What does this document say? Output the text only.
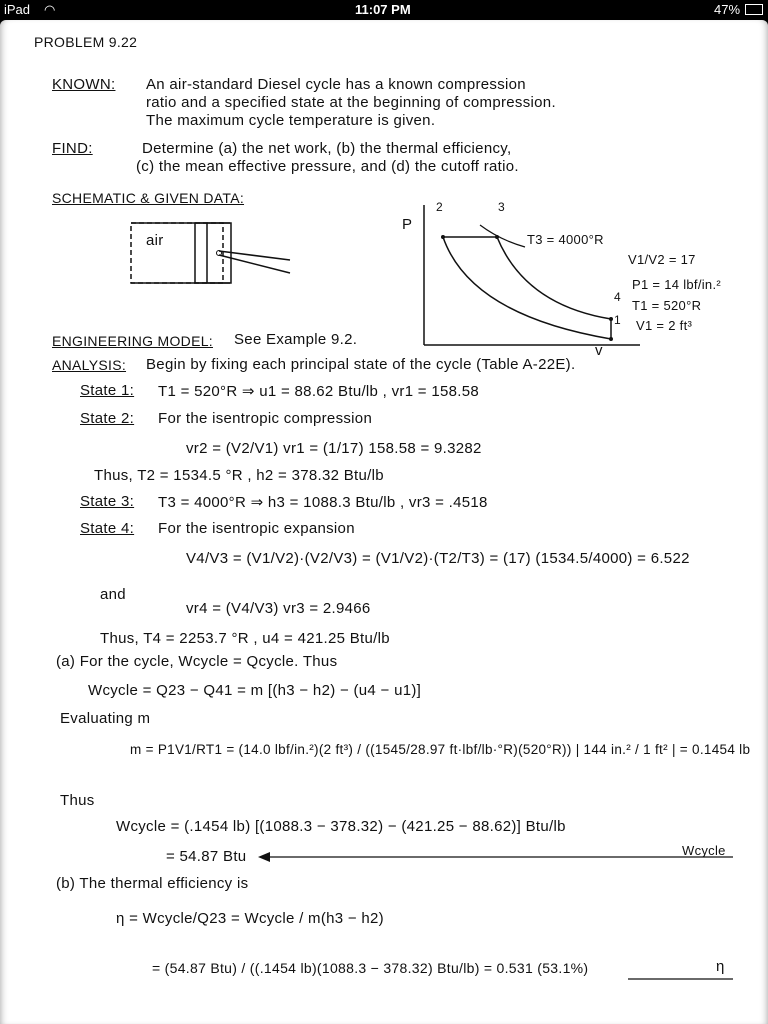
iPad ◠	11:07 PM	47%
PROBLEM 9.22
KNOWN: An air-standard Diesel cycle has a known compression
ratio and a specified state at the beginning of compression.
The maximum cycle temperature is given.
FIND:	Determine (a) the net work, (b) the thermal efficiency,
(c) the mean effective pressure, and (d) the cutoff ratio.
SCHEMATIC & GIVEN DATA:
air
P
v
1
2	3
4
T3 = 4000°R
V1/V2 = 17
P1 = 14 lbf/in.²
T1 = 520°R
V1 = 2 ft³
ENGINEERING MODEL: See Example 9.2.
ANALYSIS: Begin by fixing each principal state of the cycle (Table A-22E).
State 1: T1 = 520°R ⇒ u1 = 88.62 Btu/lb , vr1 = 158.58
State 2: For the isentropic compression
vr2 = (V2/V1) vr1 = (1/17) 158.58 = 9.3282
Thus, T2 = 1534.5 °R , h2 = 378.32 Btu/lb
State 3: T3 = 4000°R ⇒ h3 = 1088.3 Btu/lb , vr3 = .4518
State 4: For the isentropic expansion
V4/V3 = (V1/V2)·(V2/V3) = (V1/V2)·(T2/T3) = (17) (1534.5/4000) = 6.522
and
vr4 = (V4/V3) vr3 = 2.9466
Thus, T4 = 2253.7 °R , u4 = 421.25 Btu/lb
(a) For the cycle, Wcycle = Qcycle. Thus
Wcycle = Q23 − Q41 = m [(h3 − h2) − (u4 − u1)]
Evaluating m
m = P1V1/RT1 = (14.0 lbf/in.²)(2 ft³) / ((1545/28.97 ft·lbf/lb·°R)(520°R)) | 144 in.² / 1 ft² | = 0.1454 lb
Thus
Wcycle = (.1454 lb) [(1088.3 − 378.32) − (421.25 − 88.62)] Btu/lb
= 54.87 Btu	Wcycle
(b) The thermal efficiency is
η = Wcycle/Q23 = Wcycle / m(h3 − h2)
= (54.87 Btu) / ((.1454 lb)(1088.3 − 378.32) Btu/lb) = 0.531 (53.1%)	η
